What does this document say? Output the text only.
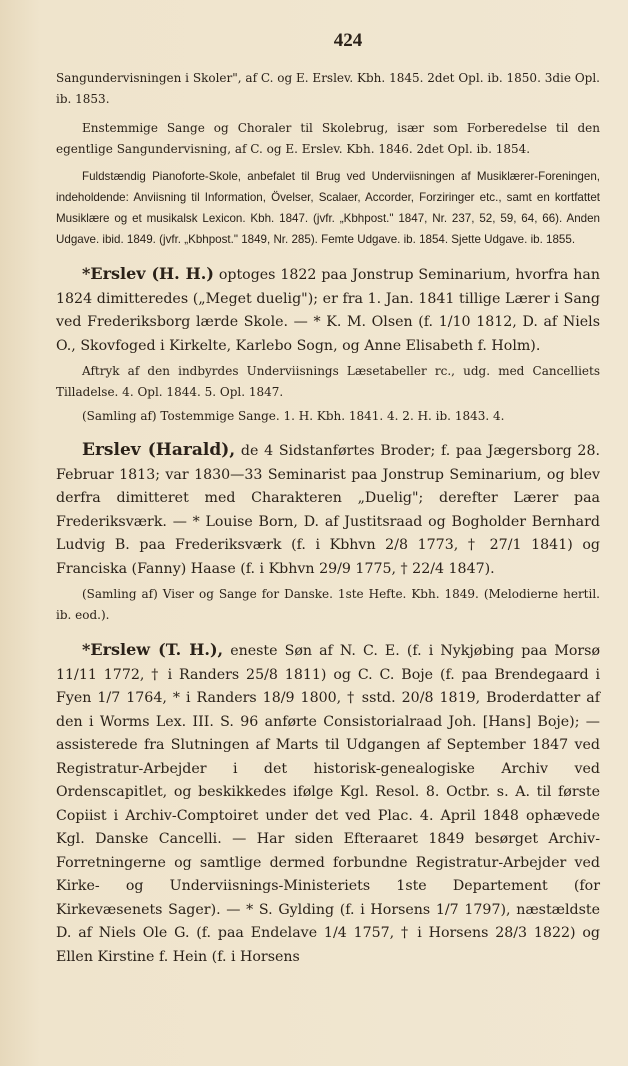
424

Sangundervisningen i Skoler", af C. og E. Erslev. Kbh. 1845. 2det Opl. ib. 1850. 3die Opl. ib. 1853.

Enstemmige Sange og Choraler til Skolebrug, især som Forberedelse til den egentlige Sangundervisning, af C. og E. Erslev. Kbh. 1846. 2det Opl. ib. 1854.

Fuldstændig Pianoforte-Skole, anbefalet til Brug ved Underviisningen af Musiklærer-Foreningen, indeholdende: Anviisning til Information, Övelser, Scalaer, Accorder, Forziringer etc., samt en kortfattet Musiklære og et musikalsk Lexicon. Kbh. 1847. (jvfr. „Kbhpost." 1847, Nr. 237, 52, 59, 64, 66). Anden Udgave. ibid. 1849. (jvfr. „Kbhpost." 1849, Nr. 285). Femte Udgave. ib. 1854. Sjette Udgave. ib. 1855.

*Erslev (H. H.) optoges 1822 paa Jonstrup Seminarium, hvorfra han 1824 dimitteredes („Meget duelig"); er fra 1. Jan. 1841 tillige Lærer i Sang ved Frederiksborg lærde Skole. — * K. M. Olsen (f. 1/10 1812, D. af Niels O., Skovfoged i Kirkelte, Karlebo Sogn, og Anne Elisabeth f. Holm).

Aftryk af den indbyrdes Underviisnings Læsetabeller rc., udg. med Cancelliets Tilladelse. 4. Opl. 1844. 5. Opl. 1847.

(Samling af) Tostemmige Sange. 1. H. Kbh. 1841. 4. 2. H. ib. 1843. 4.

Erslev (Harald), de 4 Sidstanførtes Broder; f. paa Jægersborg 28. Februar 1813; var 1830—33 Seminarist paa Jonstrup Seminarium, og blev derfra dimitteret med Charakteren „Duelig"; derefter Lærer paa Frederiksværk. — * Louise Born, D. af Justitsraad og Bogholder Bernhard Ludvig B. paa Frederiksværk (f. i Kbhvn 2/8 1773, † 27/1 1841) og Franciska (Fanny) Haase (f. i Kbhvn 29/9 1775, † 22/4 1847).

(Samling af) Viser og Sange for Danske. 1ste Hefte. Kbh. 1849. (Melodierne hertil. ib. eod.).

*Erslew (T. H.), eneste Søn af N. C. E. (f. i Nykjøbing paa Morsø 11/11 1772, † i Randers 25/8 1811) og C. C. Boje (f. paa Brendegaard i Fyen 1/7 1764, * i Randers 18/9 1800, † sstd. 20/8 1819, Broderdatter af den i Worms Lex. III. S. 96 anførte Consistorialraad Joh. [Hans] Boje); — assisterede fra Slutningen af Marts til Udgangen af September 1847 ved Registratur-Arbejder i det historisk-genealogiske Archiv ved Ordenscapitlet, og beskikkedes ifølge Kgl. Resol. 8. Octbr. s. A. til første Copiist i Archiv-Comptoiret under det ved Plac. 4. April 1848 ophævede Kgl. Danske Cancelli. — Har siden Efteraaret 1849 besørget Archiv-Forretningerne og samtlige dermed forbundne Registratur-Arbejder ved Kirke- og Underviisnings-Ministeriets 1ste Departement (for Kirkevæsenets Sager). — * S. Gylding (f. i Horsens 1/7 1797), næstældste D. af Niels Ole G. (f. paa Endelave 1/4 1757, † i Horsens 28/3 1822) og Ellen Kirstine f. Hein (f. i Horsens
